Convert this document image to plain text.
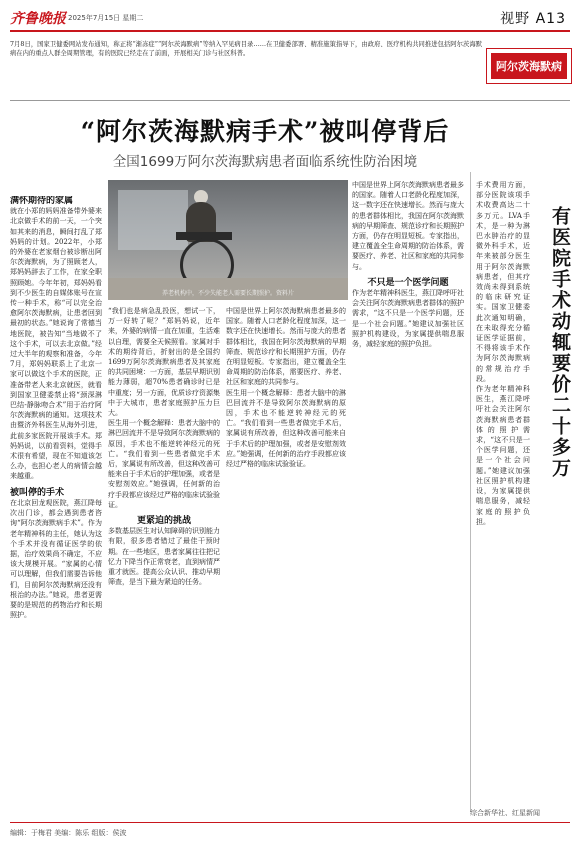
齐鲁晚报 2025年7月15日 星期二	视野 A13
7月8日，国家卫健委网站发布通知，称正将“渐冻症”“阿尔茨海默病”等纳入罕见病目录……在卫健委部署、精准施策指导下，由政府、医疗机构共同推进包括阿尔茨海默病在内的重点人群全周期管理，有的医院已经走在了前面，开展相关门诊与社区科普。
阿尔茨海默病
“阿尔茨海默病手术”被叫停背后
全国1699万阿尔茨海默病患者面临系统性防治困境
养老机构中，不少失能老人需要长期照护。资料片
满怀期待的家属
就在小郑的妈妈准备带外婆来北京做手术的前一天，一个突如其来的消息，瞬间打乱了郑妈妈的计划。2022年，小郑的外婆在老家烟台被诊断出阿尔茨海默病，为了照顾老人，郑妈妈辞去了工作，在家全职照顾她。今年年初，郑妈妈看到不少医生的自媒体账号在宣传一种手术，称“可以完全治愈阿尔茨海默病，让患者回到最初的状态。”她说询了常德当地医院，被告知“当地做不了这个手术，可以去北京做。”经过大半年的观察和准备，今年7月，郑妈妈联系上了北京一家可以做这个手术的医院，正准备带老人来北京就医，就看到国家卫健委禁止将“颈深淋巴结-静脉吻合术”用于治疗阿尔茨海默病的通知。这项技术由暨济外科医生从海外引进，此前多家医院开展该手术。郑妈妈说，以前看资料，觉得手术很有希望，现在不知道该怎么办，也担心老人的病情会越来越重。
被叫停的手术
在北京回龙观医院，燕江降每次出门诊，都会遇到患者咨询“阿尔茨海默病手术”。作为老年精神科的主任，她认为这个手术并没有循证医学的依据，治疗效果尚不确定，不应该大规模开展。“家属的心情可以理解，但我们需要告诉他们，目前阿尔茨海默病还没有根治的办法。”她说，患者更需要的是规范的药物治疗和长期照护。
“我们也是病急乱投医，想试一下，万一好转了呢？”郑妈妈说，近年来，外婆的病情一直在加重，生活难以自理，需要全天候照看。家属对手术的期待背后，折射出的是全国约1699万阿尔茨海默病患者及其家庭的共同困境：一方面，基层早期识别能力薄弱，超70%患者确诊时已是中重度；另一方面，优质诊疗资源集中于大城市，患者家庭照护压力巨大。
医生用一个概念解释：患者大脑中的淋巴回流并不是导致阿尔茨海默病的原因，手术也不能逆转神经元的死亡。“我们看到一些患者做完手术后，家属说有所改善，但这种改善可能来自于手术后的护理加强，或者是安慰剂效应。”她强调，任何新的治疗手段都应该经过严格的临床试验验证。
更紧迫的挑战
多数基层医生对认知障碍的识别能力有限，很多患者错过了最佳干预时期。在一些地区，患者家属往往把记忆力下降当作正常衰老，直到病情严重才就医。提高公众认识、推动早期筛查，是当下最为紧迫的任务。
中国是世界上阿尔茨海默病患者最多的国家。随着人口老龄化程度加深，这一数字还在快速增长。然而与庞大的患者群体相比，我国在阿尔茨海默病的早期筛查、规范诊疗和长期照护方面，仍存在明显短板。专家指出，建立覆盖全生命周期的防治体系，需要医疗、养老、社区和家庭的共同参与。
医生用一个概念解释：患者大脑中的淋巴回流并不是导致阿尔茨海默病的原因，手术也不能逆转神经元的死亡。“我们看到一些患者做完手术后，家属说有所改善，但这种改善可能来自于手术后的护理加强，或者是安慰剂效应。”她强调，任何新的治疗手段都应该经过严格的临床试验验证。
中国是世界上阿尔茨海默病患者最多的国家。随着人口老龄化程度加深，这一数字还在快速增长。然而与庞大的患者群体相比，我国在阿尔茨海默病的早期筛查、规范诊疗和长期照护方面，仍存在明显短板。专家指出，建立覆盖全生命周期的防治体系，需要医疗、养老、社区和家庭的共同参与。
不只是一个医学问题
作为老年精神科医生，燕江降呼吁社会关注阿尔茨海默病患者群体的照护需求，“这不只是一个医学问题，还是一个社会问题。”她建议加强社区照护机构建设，为家属提供喘息服务，减轻家庭的照护负担。
手术费用方面，部分医院该项手术收费高达二十多万元。LVA手术，是一种为淋巴水肿治疗的显微外科手术，近年来被部分医生用于阿尔茨海默病患者，但其疗效尚未得到系统的临床研究证实。国家卫健委此次通知明确，在未取得充分循证医学证据前，不得将该手术作为阿尔茨海默病的常规治疗手段。
作为老年精神科医生，燕江降呼吁社会关注阿尔茨海默病患者群体的照护需求，“这不只是一个医学问题，还是一个社会问题。”她建议加强社区照护机构建设，为家属提供喘息服务，减轻家庭的照护负担。
有医院手术动辄要价二十多万
综合新华社、红星新闻
编辑：于梅君 美编：陈乐 组版：侯波
